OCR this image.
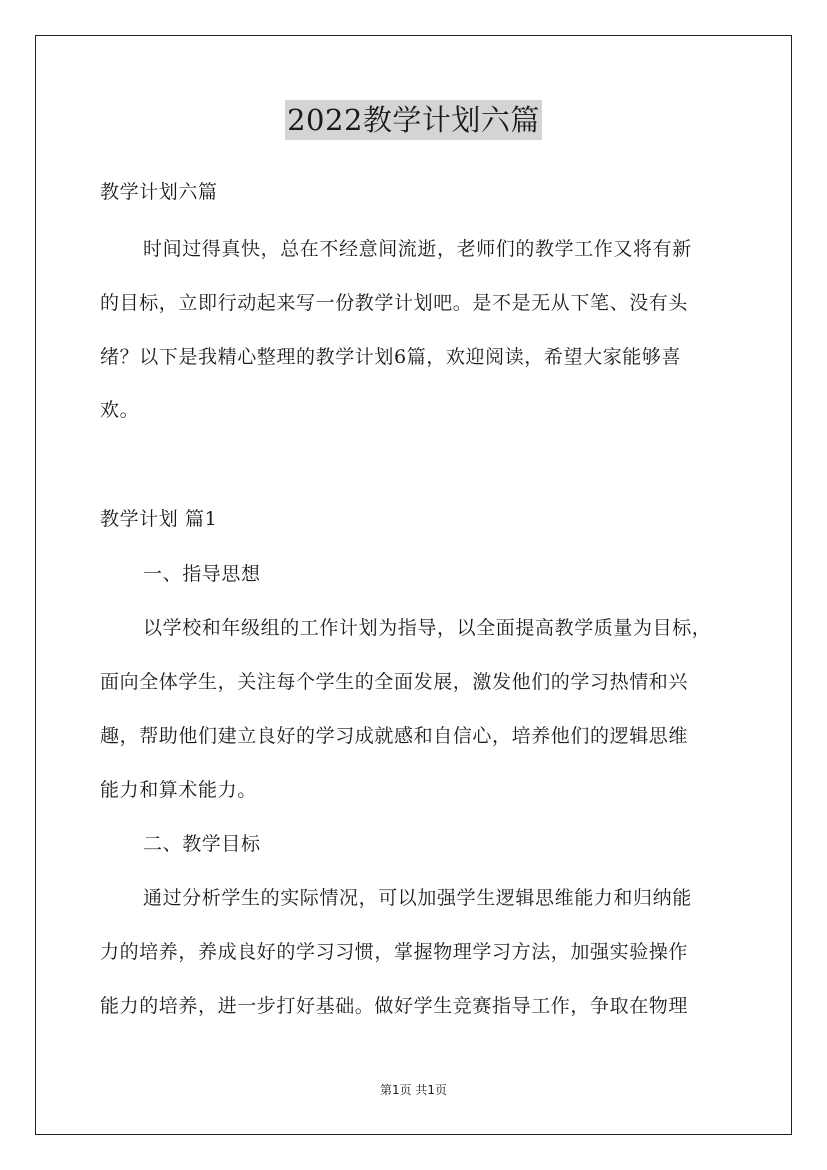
2022教学计划六篇
教学计划六篇
时间过得真快，总在不经意间流逝，老师们的教学工作又将有新
的目标，立即行动起来写一份教学计划吧。是不是无从下笔、没有头
绪？以下是我精心整理的教学计划6篇，欢迎阅读，希望大家能够喜
欢。
教学计划 篇1
一、指导思想
以学校和年级组的工作计划为指导，以全面提高教学质量为目标，
面向全体学生，关注每个学生的全面发展，激发他们的学习热情和兴
趣，帮助他们建立良好的学习成就感和自信心，培养他们的逻辑思维
能力和算术能力。
二、教学目标
通过分析学生的实际情况，可以加强学生逻辑思维能力和归纳能
力的培养，养成良好的学习习惯，掌握物理学习方法，加强实验操作
能力的培养，进一步打好基础。做好学生竞赛指导工作，争取在物理
第1页 共1页
